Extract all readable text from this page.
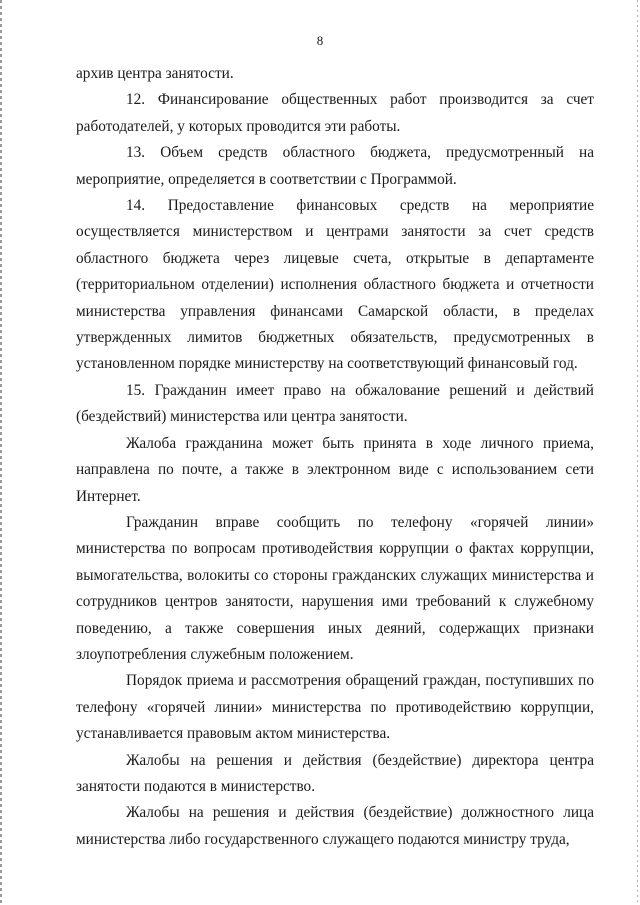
8

архив центра занятости.

12. Финансирование общественных работ производится за счет работодателей, у которых проводится эти работы.

13. Объем средств областного бюджета, предусмотренный на мероприятие, определяется в соответствии с Программой.

14. Предоставление финансовых средств на мероприятие осуществляется министерством и центрами занятости за счет средств областного бюджета через лицевые счета, открытые в департаменте (территориальном отделении) исполнения областного бюджета и отчетности министерства управления финансами Самарской области, в пределах утвержденных лимитов бюджетных обязательств, предусмотренных в установленном порядке министерству на соответствующий финансовый год.

15. Гражданин имеет право на обжалование решений и действий (бездействий) министерства или центра занятости.

Жалоба гражданина может быть принята в ходе личного приема, направлена по почте, а также в электронном виде с использованием сети Интернет.

Гражданин вправе сообщить по телефону «горячей линии» министерства по вопросам противодействия коррупции о фактах коррупции, вымогательства, волокиты со стороны гражданских служащих министерства и сотрудников центров занятости, нарушения ими требований к служебному поведению, а также совершения иных деяний, содержащих признаки злоупотребления служебным положением.

Порядок приема и рассмотрения обращений граждан, поступивших по телефону «горячей линии» министерства по противодействию коррупции, устанавливается правовым актом министерства.

Жалобы на решения и действия (бездействие) директора центра занятости подаются в министерство.

Жалобы на решения и действия (бездействие) должностного лица министерства либо государственного служащего подаются министру труда,
